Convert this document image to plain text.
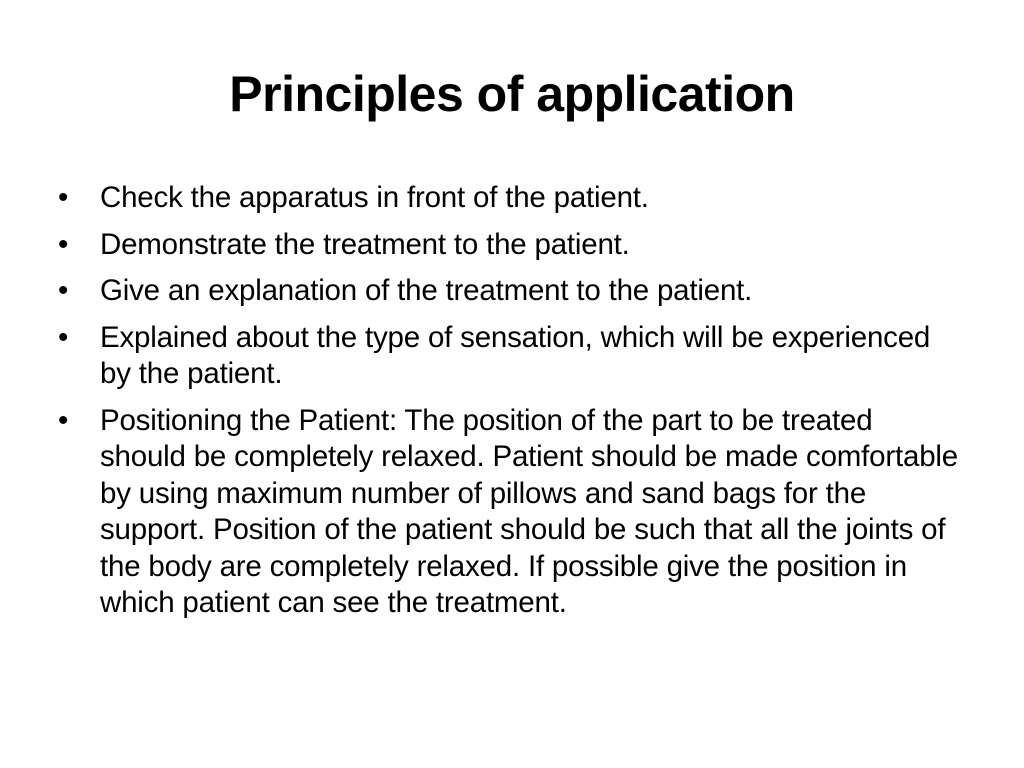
Principles of application
•	Check the apparatus in front of the patient.
•	Demonstrate the treatment to the patient.
•	Give an explanation of the treatment to the patient.
•	Explained about the type of sensation, which will be experienced by the patient.
•	Positioning the Patient: The position of the part to be treated should be completely relaxed. Patient should be made comfortable by using maximum number of pillows and sand bags for the support. Position of the patient should be such that all the joints of the body are completely relaxed. If possible give the position in which patient can see the treatment.
